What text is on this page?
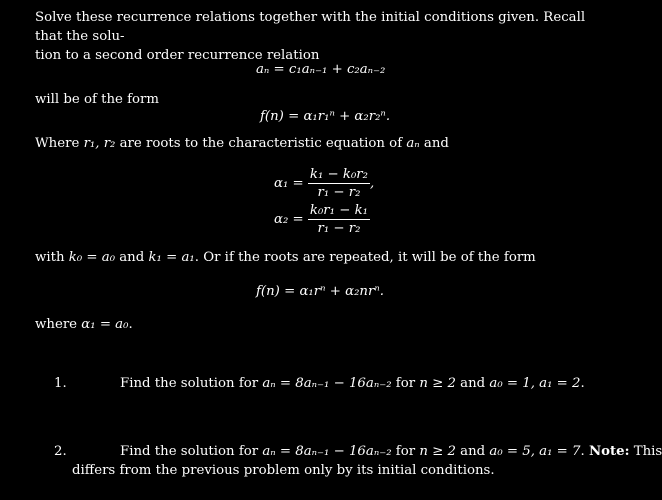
Solve these recurrence relations together with the initial conditions given. Recall that the solu-
tion to a second order recurrence relation
aₙ = c₁aₙ₋₁ + c₂aₙ₋₂
will be of the form
f(n) = α₁r₁ⁿ + α₂r₂ⁿ.
Where r₁, r₂ are roots to the characteristic equation of aₙ and
$\alpha_1 = \frac{\text{k₁ − k₀r₂}}{\text{r₁ − r₂}}$ ,
$\alpha_2 = \frac{\text{k₀r₁ − k₁}}{\text{r₁ − r₂}}$
with k₀ = a₀ and k₁ = a₁. Or if the roots are repeated, it will be of the form
f(n) = α₁rⁿ + α₂nrⁿ.
where α₁ = a₀.
1.	Find the solution for aₙ = 8aₙ₋₁ − 16aₙ₋₂ for n ≥ 2 and a₀ = 1, a₁ = 2.
2.	Find the solution for aₙ = 8aₙ₋₁ − 16aₙ₋₂ for n ≥ 2 and a₀ = 5, a₁ = 7. Note: This
differs from the previous problem only by its initial conditions.
